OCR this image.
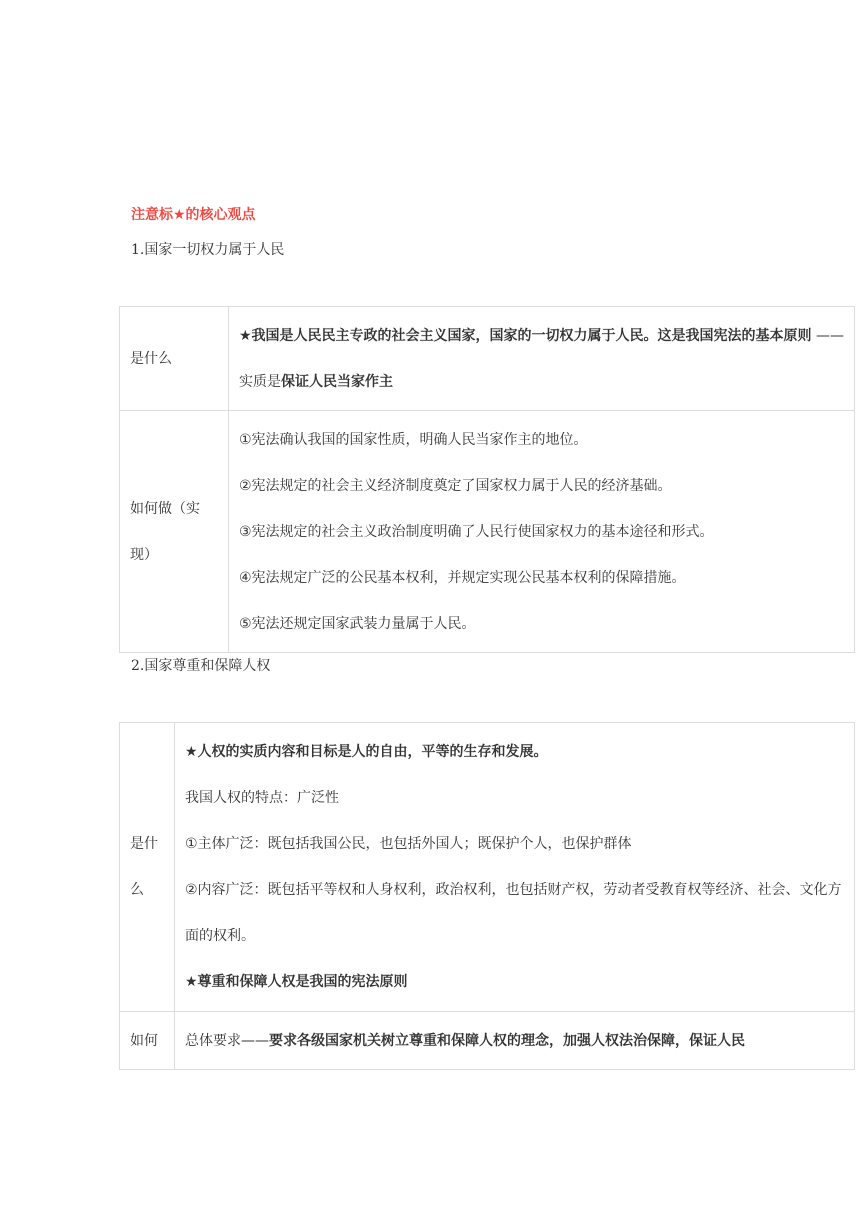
注意标★的核心观点
1.国家一切权力属于人民
是什么	★我国是人民民主专政的社会主义国家，国家的一切权力属于人民。这是我国宪法的基本原则 ——实质是保证人民当家作主

如何做（实现）	①宪法确认我国的国家性质，明确人民当家作主的地位。
②宪法规定的社会主义经济制度奠定了国家权力属于人民的经济基础。
③宪法规定的社会主义政治制度明确了人民行使国家权力的基本途径和形式。
④宪法规定广泛的公民基本权利，并规定实现公民基本权利的保障措施。
⑤宪法还规定国家武装力量属于人民。
2.国家尊重和保障人权
是什么	★人权的实质内容和目标是人的自由，平等的生存和发展。
我国人权的特点：广泛性
①主体广泛：既包括我国公民，也包括外国人；既保护个人，也保护群体
②内容广泛：既包括平等权和人身权利，政治权利，也包括财产权，劳动者受教育权等经济、社会、文化方面的权利。
★尊重和保障人权是我国的宪法原则

如何	总体要求——要求各级国家机关树立尊重和保障人权的理念，加强人权法治保障，保证人民
